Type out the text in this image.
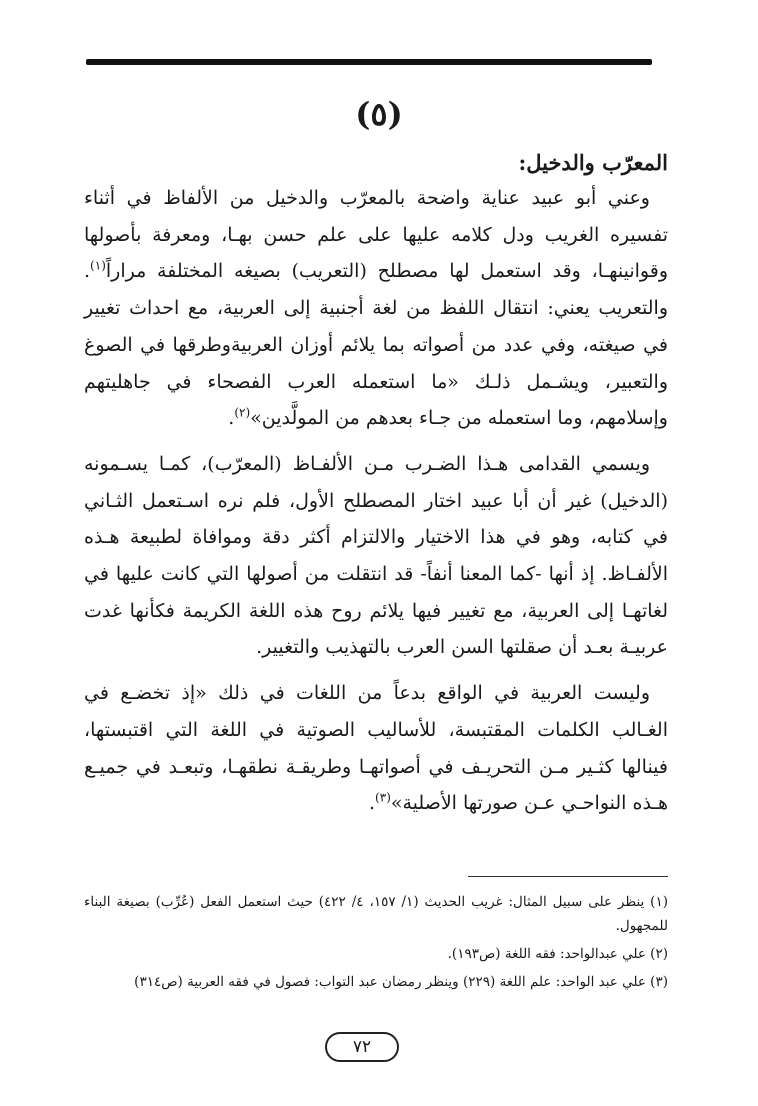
(٥)
المعرّب والدخيل:

وعني أبو عبيد عناية واضحة بالمعرّب والدخيل من الألفاظ في أثناء تفسيره الغريب ودل كلامه عليها على علم حسن بهـا، ومعرفة بأصولها وقوانينهـا، وقد استعمل لها مصطلح (التعريب) بصيغه المختلفة مراراً$^{(١)}$. والتعريب يعني: انتقال اللفظ من لغة أجنبية إلى العربية، مع احداث تغيير في صيغته، وفي عدد من أصواته بما يلائم أوزان العربيةوطرقها في الصوغ والتعبير، ويشـمل ذلـك «ما استعمله العرب الفصحاء في جاهليتهم وإسلامهم، وما استعمله من جـاء بعدهم من المولَّدين»$^{(٢)}$.

ويسمي القدامى هـذا الضـرب مـن الألفـاظ (المعرّب)، كمـا يسـمونه (الدخيل) غير أن أبا عبيد اختار المصطلح الأول، فلم نره اسـتعمل الثـاني في كتابه، وهو في هذا الاختيار والالتزام أكثر دقة وموافاة لطبيعة هـذه الألفـاظ. إذ أنها -كما المعنا أنفاً- قد انتقلت من أصولها التي كانت عليها في لغاتهـا إلى العربية، مع تغيير فيها يلائم روح هذه اللغة الكريمة فكأنها غدت عربيـة بعـد أن صقلتها السن العرب بالتهذيب والتغيير.

وليست العربية في الواقع بدعاً من اللغات في ذلك «إذ تخضـع في الغـالب الكلمات المقتبسة، للأساليب الصوتية في اللغة التي اقتبستها، فينالها كثـير مـن التحريـف في أصواتهـا وطريقـة نطقهـا، وتبعـد في جميـع هـذه النواحـي عـن صورتها الأصلية»$^{(٣)}$.

(١) ينظر على سبيل المثال: غريب الحديث (١/ ١٥٧، ٤/ ٤٢٢) حيث استعمل الفعل (عُرِّب) بصيغة البناء للمجهول.
(٢) علي عبدالواحد: فقه اللغة (ص١٩٣).
(٣) علي عبد الواحد: علم اللغة (٢٢٩) وينظر رمضان عبد التواب: فصول في فقه العربية (ص٣١٤)
٧٢
